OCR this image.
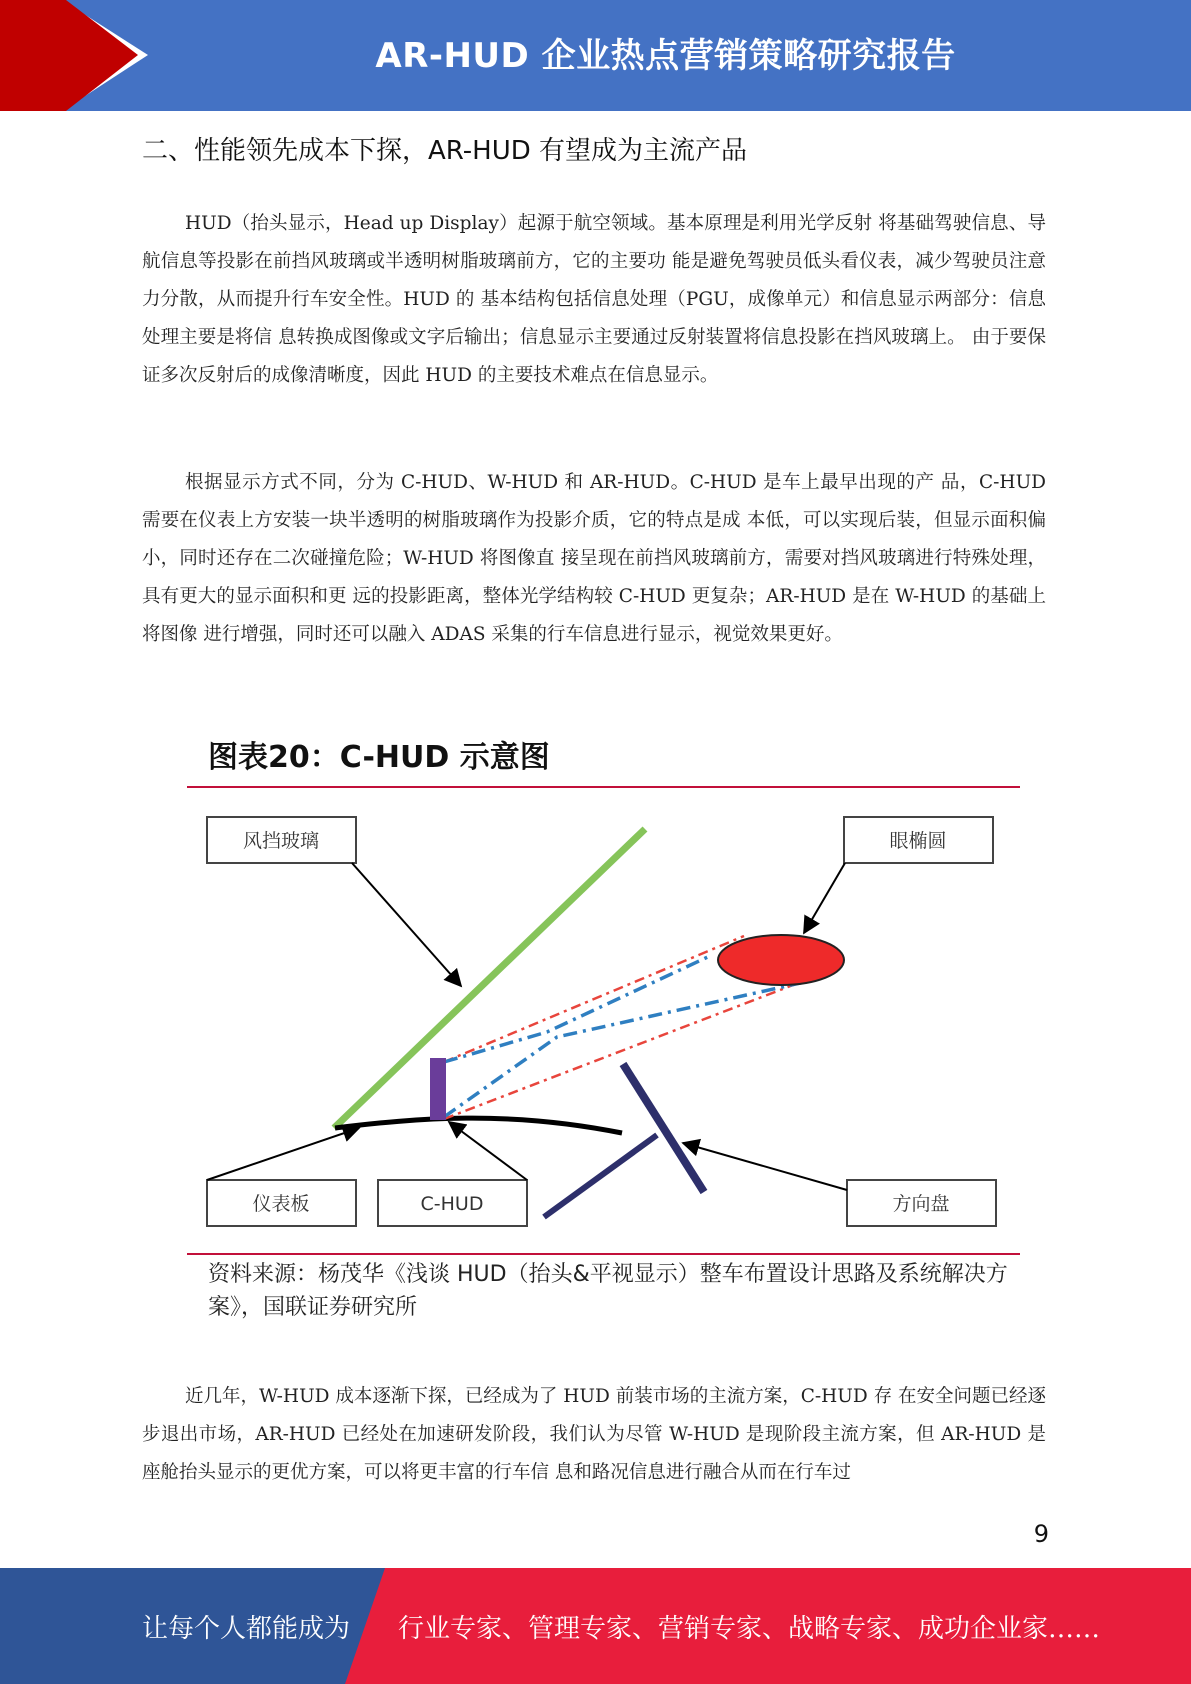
AR-HUD 企业热点营销策略研究报告
二、性能领先成本下探，AR-HUD 有望成为主流产品

HUD（抬头显示，Head up Display）起源于航空领域。基本原理是利用光学反射 将基础驾驶信息、导航信息等投影在前挡风玻璃或半透明树脂玻璃前方，它的主要功 能是避免驾驶员低头看仪表，减少驾驶员注意力分散，从而提升行车安全性。HUD 的 基本结构包括信息处理（PGU，成像单元）和信息显示两部分：信息处理主要是将信 息转换成图像或文字后输出；信息显示主要通过反射装置将信息投影在挡风玻璃上。 由于要保证多次反射后的成像清晰度，因此 HUD 的主要技术难点在信息显示。

根据显示方式不同，分为 C-HUD、W-HUD 和 AR-HUD。C-HUD 是车上最早出现的产 品，C-HUD 需要在仪表上方安装一块半透明的树脂玻璃作为投影介质，它的特点是成 本低，可以实现后装，但显示面积偏小，同时还存在二次碰撞危险；W-HUD 将图像直 接呈现在前挡风玻璃前方，需要对挡风玻璃进行特殊处理，具有更大的显示面积和更 远的投影距离，整体光学结构较 C-HUD 更复杂；AR-HUD 是在 W-HUD 的基础上将图像 进行增强，同时还可以融入 ADAS 采集的行车信息进行显示，视觉效果更好。

图表20：C-HUD 示意图
风挡玻璃	眼椭圆
仪表板	C-HUD	方向盘
资料来源：杨茂华《浅谈 HUD（抬头&平视显示）整车布置设计思路及系统解决方案》，国联证券研究所

近几年，W-HUD 成本逐渐下探，已经成为了 HUD 前装市场的主流方案，C-HUD 存 在安全问题已经逐步退出市场，AR-HUD 已经处在加速研发阶段，我们认为尽管 W-HUD 是现阶段主流方案，但 AR-HUD 是座舱抬头显示的更优方案，可以将更丰富的行车信 息和路况信息进行融合从而在行车过

9
让每个人都能成为 行业专家、管理专家、营销专家、战略专家、成功企业家……
